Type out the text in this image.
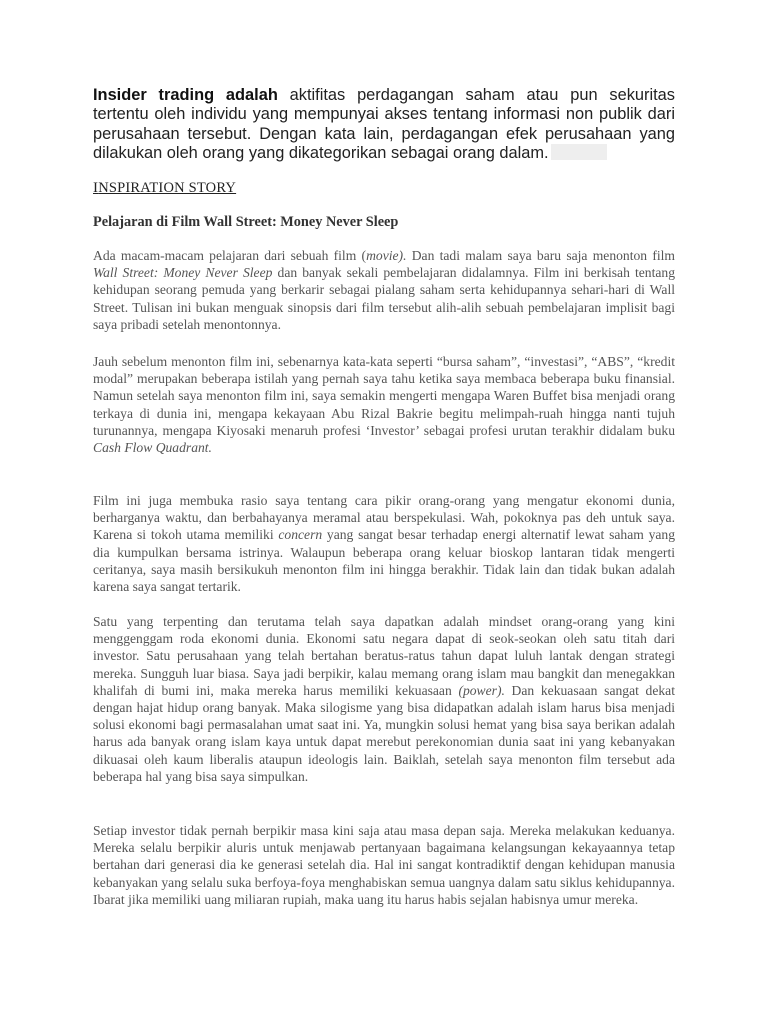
Insider trading adalah aktifitas perdagangan saham atau pun sekuritas tertentu oleh individu yang mempunyai akses tentang informasi non publik dari perusahaan tersebut. Dengan kata lain, perdagangan efek perusahaan yang dilakukan oleh orang yang dikategorikan sebagai orang dalam.

INSPIRATION STORY
Pelajaran di Film Wall Street: Money Never Sleep

Ada macam-macam pelajaran dari sebuah film (movie). Dan tadi malam saya baru saja menonton film Wall Street: Money Never Sleep dan banyak sekali pembelajaran didalamnya. Film ini berkisah tentang kehidupan seorang pemuda yang berkarir sebagai pialang saham serta kehidupannya sehari-hari di Wall Street. Tulisan ini bukan menguak sinopsis dari film tersebut alih-alih sebuah pembelajaran implisit bagi saya pribadi setelah menontonnya.

Jauh sebelum menonton film ini, sebenarnya kata-kata seperti “bursa saham”, “investasi”, “ABS”, “kredit modal” merupakan beberapa istilah yang pernah saya tahu ketika saya membaca beberapa buku finansial. Namun setelah saya menonton film ini, saya semakin mengerti mengapa Waren Buffet bisa menjadi orang terkaya di dunia ini, mengapa kekayaan Abu Rizal Bakrie begitu melimpah-ruah hingga nanti tujuh turunannya, mengapa Kiyosaki menaruh profesi ‘Investor’ sebagai profesi urutan terakhir didalam buku Cash Flow Quadrant.

Film ini juga membuka rasio saya tentang cara pikir orang-orang yang mengatur ekonomi dunia, berharganya waktu, dan berbahayanya meramal atau berspekulasi. Wah, pokoknya pas deh untuk saya. Karena si tokoh utama memiliki concern yang sangat besar terhadap energi alternatif lewat saham yang dia kumpulkan bersama istrinya. Walaupun beberapa orang keluar bioskop lantaran tidak mengerti ceritanya, saya masih bersikukuh menonton film ini hingga berakhir. Tidak lain dan tidak bukan adalah karena saya sangat tertarik.

Satu yang terpenting dan terutama telah saya dapatkan adalah mindset orang-orang yang kini menggenggam roda ekonomi dunia. Ekonomi satu negara dapat di seok-seokan oleh satu titah dari investor. Satu perusahaan yang telah bertahan beratus-ratus tahun dapat luluh lantak dengan strategi mereka. Sungguh luar biasa. Saya jadi berpikir, kalau memang orang islam mau bangkit dan menegakkan khalifah di bumi ini, maka mereka harus memiliki kekuasaan (power). Dan kekuasaan sangat dekat dengan hajat hidup orang banyak. Maka silogisme yang bisa didapatkan adalah islam harus bisa menjadi solusi ekonomi bagi permasalahan umat saat ini. Ya, mungkin solusi hemat yang bisa saya berikan adalah harus ada banyak orang islam kaya untuk dapat merebut perekonomian dunia saat ini yang kebanyakan dikuasai oleh kaum liberalis ataupun ideologis lain. Baiklah, setelah saya menonton film tersebut ada beberapa hal yang bisa saya simpulkan.

Setiap investor tidak pernah berpikir masa kini saja atau masa depan saja. Mereka melakukan keduanya. Mereka selalu berpikir aluris untuk menjawab pertanyaan bagaimana kelangsungan kekayaannya tetap bertahan dari generasi dia ke generasi setelah dia. Hal ini sangat kontradiktif dengan kehidupan manusia kebanyakan yang selalu suka berfoya-foya menghabiskan semua uangnya dalam satu siklus kehidupannya. Ibarat jika memiliki uang miliaran rupiah, maka uang itu harus habis sejalan habisnya umur mereka.
